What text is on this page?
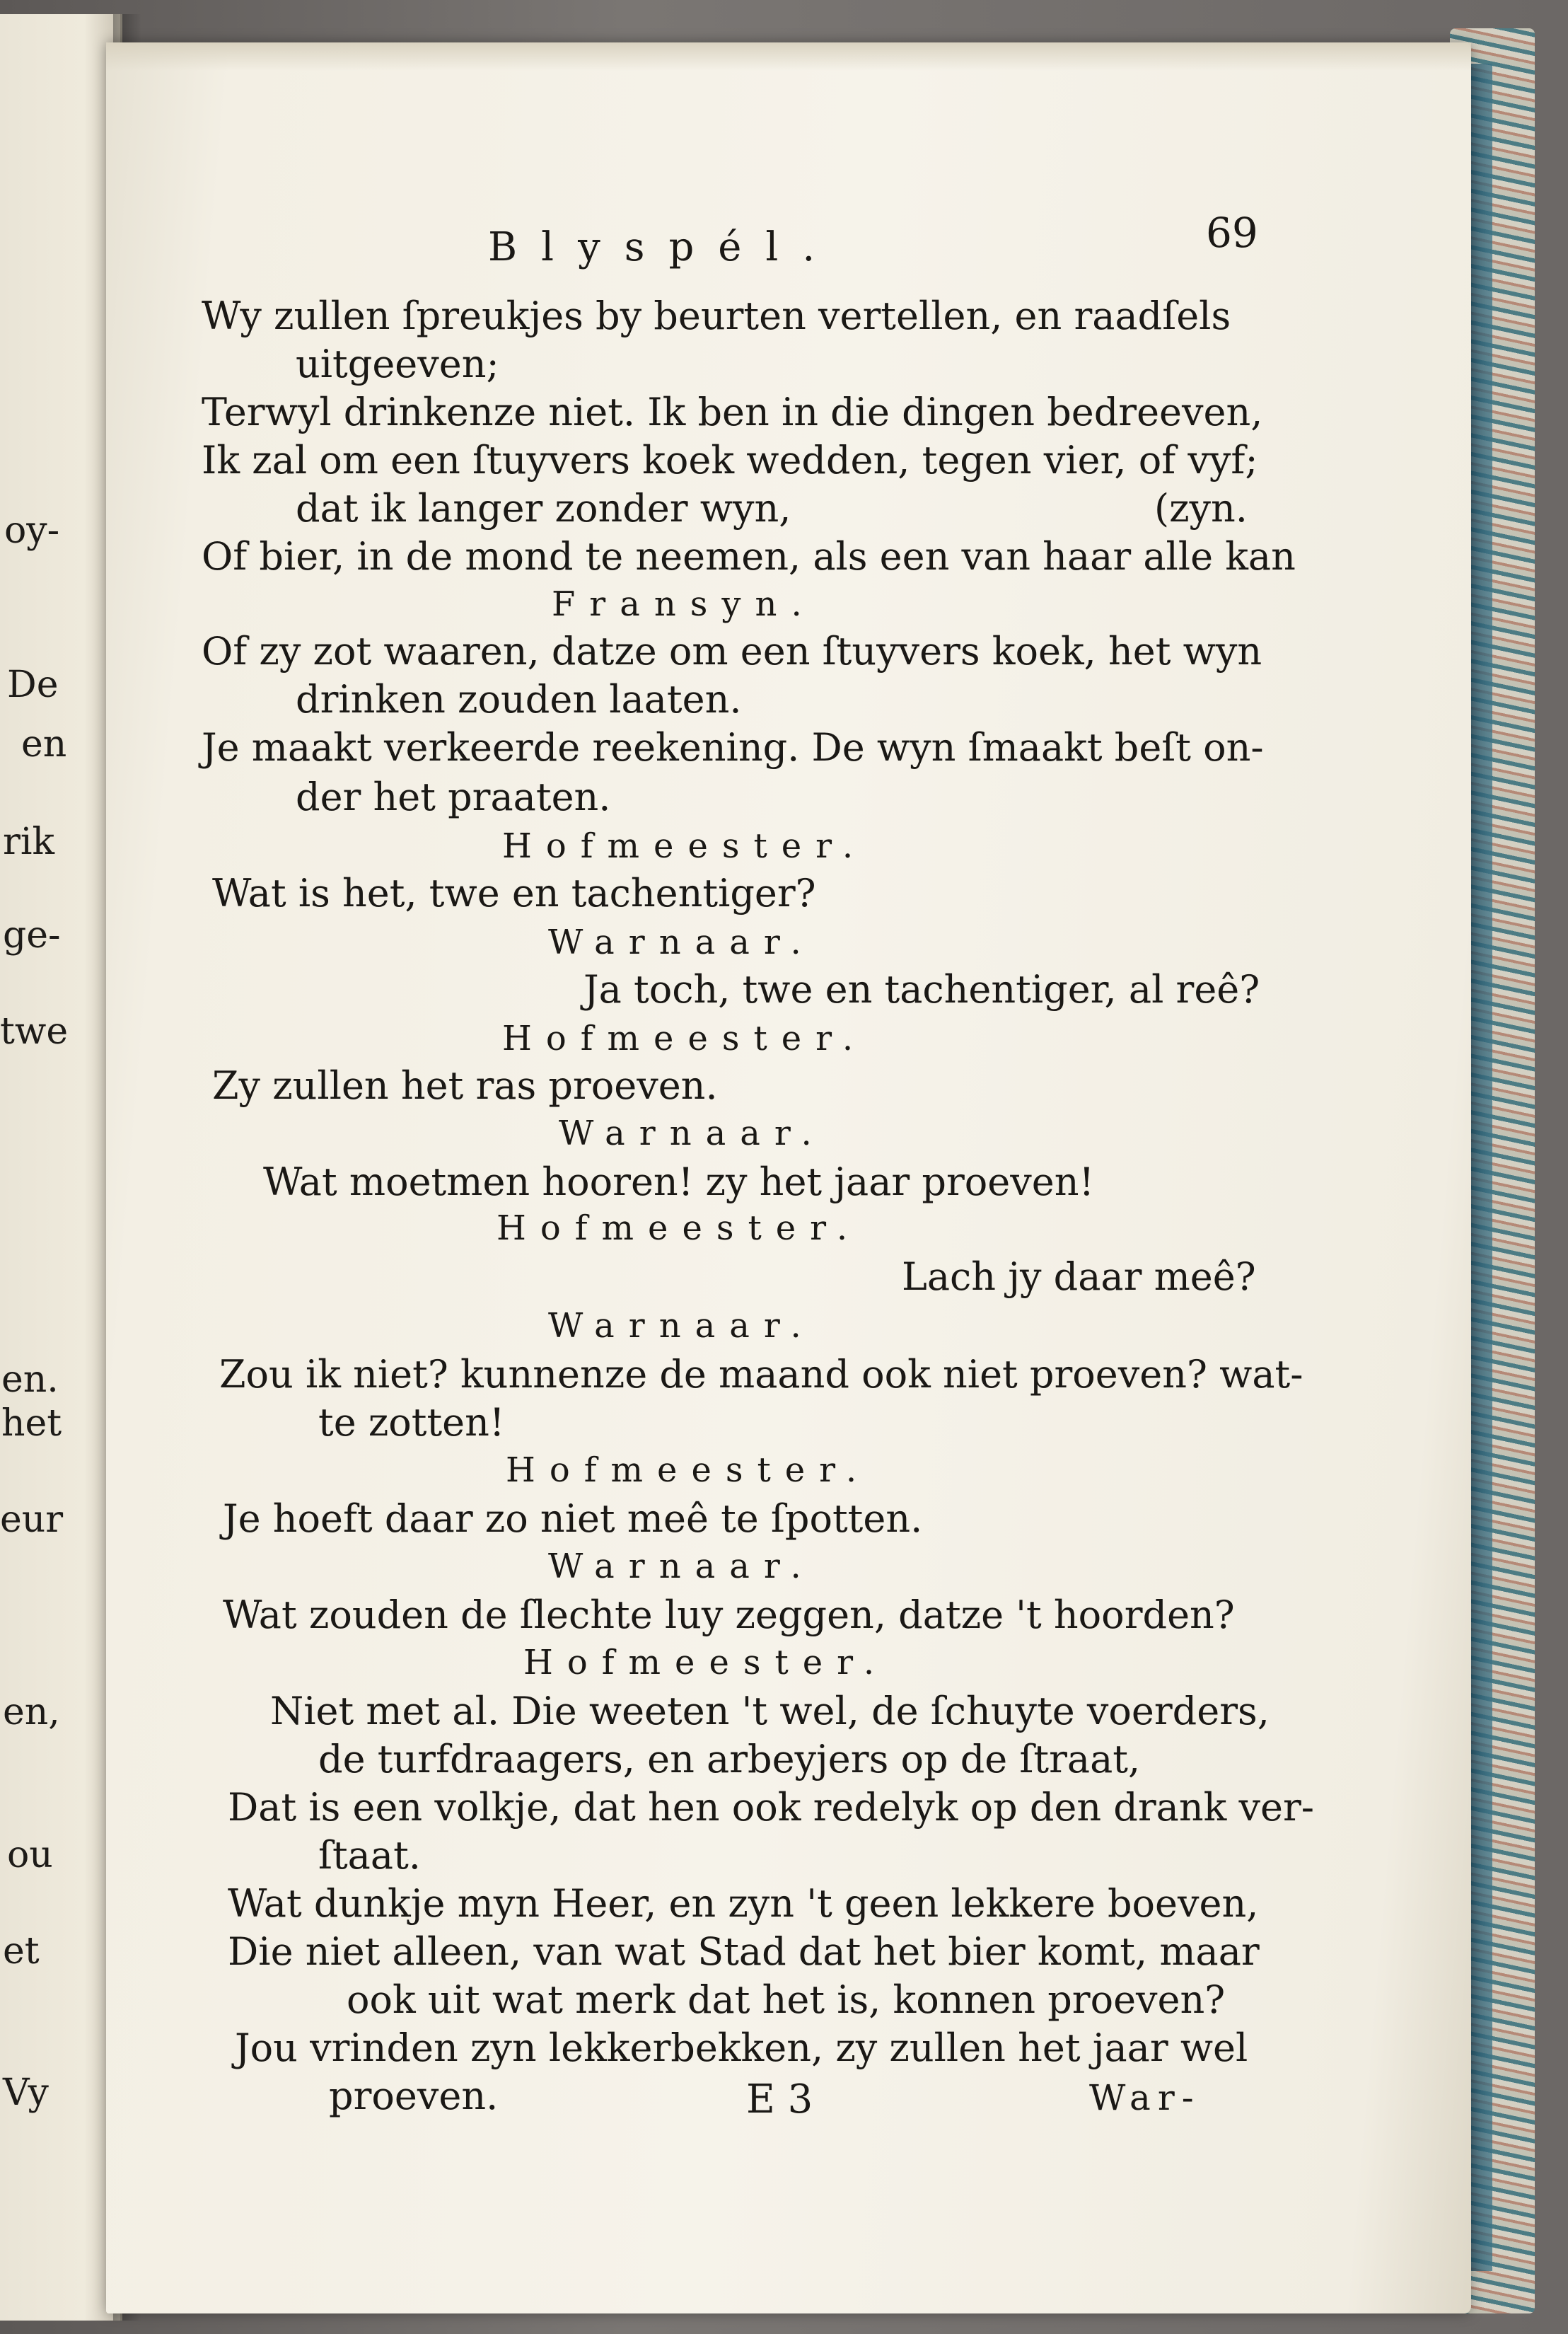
oy-
De
en
rik
ge-
twe
en.
het
eur
en,
ou
et
Vy
Blyspél.	69
Wy zullen ſpreukjes by beurten vertellen, en raadſels
uitgeeven;
Terwyl drinkenze niet. Ik ben in die dingen bedreeven,
Ik zal om een ſtuyvers koek wedden, tegen vier, of vyf;
dat ik langer zonder wyn,	(zyn.
Of bier, in de mond te neemen, als een van haar alle kan
Fransyn.
Of zy zot waaren, datze om een ſtuyvers koek, het wyn
drinken zouden laaten.
Je maakt verkeerde reekening. De wyn ſmaakt beſt on-
der het praaten.
Hofmeester.
Wat is het, twe en tachentiger?
Warnaar.
Ja toch, twe en tachentiger, al reê?
Hofmeester.
Zy zullen het ras proeven.
Warnaar.
Wat moetmen hooren! zy het jaar proeven!
Hofmeester.
Lach jy daar meê?
Warnaar.
Zou ik niet? kunnenze de maand ook niet proeven? wat-
te zotten!
Hofmeester.
Je hoeft daar zo niet meê te ſpotten.
Warnaar.
Wat zouden de ſlechte luy zeggen, datze 't hoorden?
Hofmeester.
Niet met al. Die weeten 't wel, de ſchuyte voerders,
de turfdraagers, en arbeyjers op de ſtraat,
Dat is een volkje, dat hen ook redelyk op den drank ver-
ſtaat.
Wat dunkje myn Heer, en zyn 't geen lekkere boeven,
Die niet alleen, van wat Stad dat het bier komt, maar
ook uit wat merk dat het is, konnen proeven?
Jou vrinden zyn lekkerbekken, zy zullen het jaar wel
proeven.	E 3	War-
